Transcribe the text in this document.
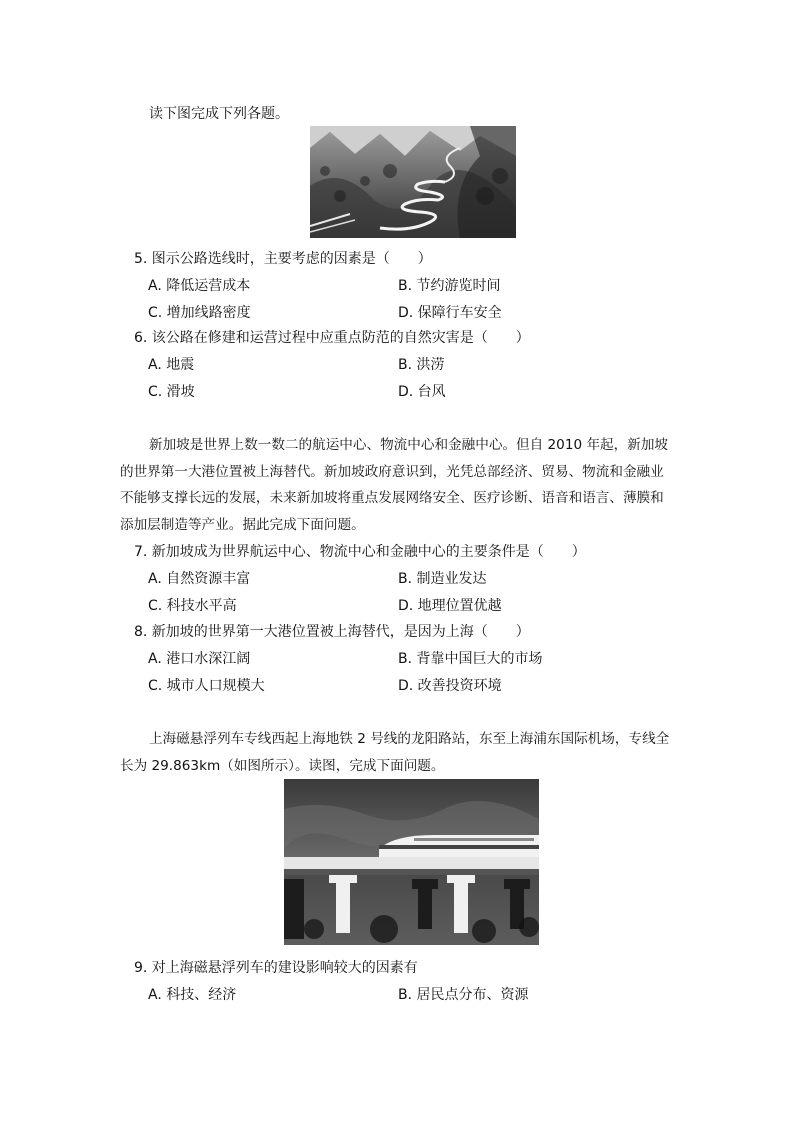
读下图完成下列各题。
5. 图示公路选线时，主要考虑的因素是（　　）
A. 降低运营成本	B. 节约游览时间
C. 增加线路密度	D. 保障行车安全
6. 该公路在修建和运营过程中应重点防范的自然灾害是（　　）
A. 地震	B. 洪涝
C. 滑坡	D. 台风
新加坡是世界上数一数二的航运中心、物流中心和金融中心。但自 2010 年起，新加坡
的世界第一大港位置被上海替代。新加坡政府意识到，光凭总部经济、贸易、物流和金融业
不能够支撑长远的发展，未来新加坡将重点发展网络安全、医疗诊断、语音和语言、薄膜和
添加层制造等产业。据此完成下面问题。
7. 新加坡成为世界航运中心、物流中心和金融中心的主要条件是（　　）
A. 自然资源丰富	B. 制造业发达
C. 科技水平高	D. 地理位置优越
8. 新加坡的世界第一大港位置被上海替代，是因为上海（　　）
A. 港口水深江阔	B. 背靠中国巨大的市场
C. 城市人口规模大	D. 改善投资环境
上海磁悬浮列车专线西起上海地铁 2 号线的龙阳路站，东至上海浦东国际机场，专线全
长为 29.863km（如图所示）。读图，完成下面问题。
9. 对上海磁悬浮列车的建设影响较大的因素有
A. 科技、经济	B. 居民点分布、资源
